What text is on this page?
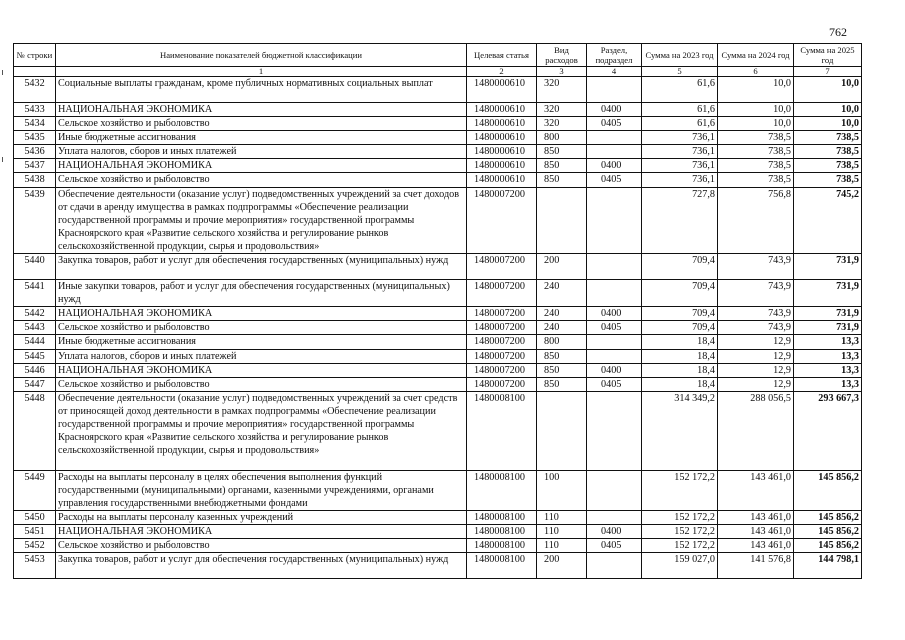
762
№ строки	Наименование показателей бюджетной классификации	Целевая статья	Вид расходов	Раздел, подраздел	Сумма на 2023 год	Сумма на 2024 год	Сумма на 2025 год
	1	2	3	4	5	6	7
5432	Социальные выплаты гражданам, кроме публичных нормативных социальных выплат	1480000610	320		61,6	10,0	10,0
5433	НАЦИОНАЛЬНАЯ ЭКОНОМИКА	1480000610	320	0400	61,6	10,0	10,0
5434	Сельское хозяйство и рыболовство	1480000610	320	0405	61,6	10,0	10,0
5435	Иные бюджетные ассигнования	1480000610	800		736,1	738,5	738,5
5436	Уплата налогов, сборов и иных платежей	1480000610	850		736,1	738,5	738,5
5437	НАЦИОНАЛЬНАЯ ЭКОНОМИКА	1480000610	850	0400	736,1	738,5	738,5
5438	Сельское хозяйство и рыболовство	1480000610	850	0405	736,1	738,5	738,5
5439	Обеспечение деятельности (оказание услуг) подведомственных учреждений за счет доходов от сдачи в аренду имущества в рамках подпрограммы «Обеспечение реализации государственной программы и прочие мероприятия» государственной программы Красноярского края «Развитие сельского хозяйства и регулирование рынков сельскохозяйственной продукции, сырья и продовольствия»	1480007200			727,8	756,8	745,2
5440	Закупка товаров, работ и услуг для обеспечения государственных (муниципальных) нужд	1480007200	200		709,4	743,9	731,9
5441	Иные закупки товаров, работ и услуг для обеспечения государственных (муниципальных) нужд	1480007200	240		709,4	743,9	731,9
5442	НАЦИОНАЛЬНАЯ ЭКОНОМИКА	1480007200	240	0400	709,4	743,9	731,9
5443	Сельское хозяйство и рыболовство	1480007200	240	0405	709,4	743,9	731,9
5444	Иные бюджетные ассигнования	1480007200	800		18,4	12,9	13,3
5445	Уплата налогов, сборов и иных платежей	1480007200	850		18,4	12,9	13,3
5446	НАЦИОНАЛЬНАЯ ЭКОНОМИКА	1480007200	850	0400	18,4	12,9	13,3
5447	Сельское хозяйство и рыболовство	1480007200	850	0405	18,4	12,9	13,3
5448	Обеспечение деятельности (оказание услуг) подведомственных учреждений за счет средств от приносящей доход деятельности в рамках подпрограммы «Обеспечение реализации государственной программы и прочие мероприятия» государственной программы Красноярского края «Развитие сельского хозяйства и регулирование рынков сельскохозяйственной продукции, сырья и продовольствия»	1480008100			314 349,2	288 056,5	293 667,3
5449	Расходы на выплаты персоналу в целях обеспечения выполнения функций государственными (муниципальными) органами, казенными учреждениями, органами управления государственными внебюджетными фондами	1480008100	100		152 172,2	143 461,0	145 856,2
5450	Расходы на выплаты персоналу казенных учреждений	1480008100	110		152 172,2	143 461,0	145 856,2
5451	НАЦИОНАЛЬНАЯ ЭКОНОМИКА	1480008100	110	0400	152 172,2	143 461,0	145 856,2
5452	Сельское хозяйство и рыболовство	1480008100	110	0405	152 172,2	143 461,0	145 856,2
5453	Закупка товаров, работ и услуг для обеспечения государственных (муниципальных) нужд	1480008100	200		159 027,0	141 576,8	144 798,1
